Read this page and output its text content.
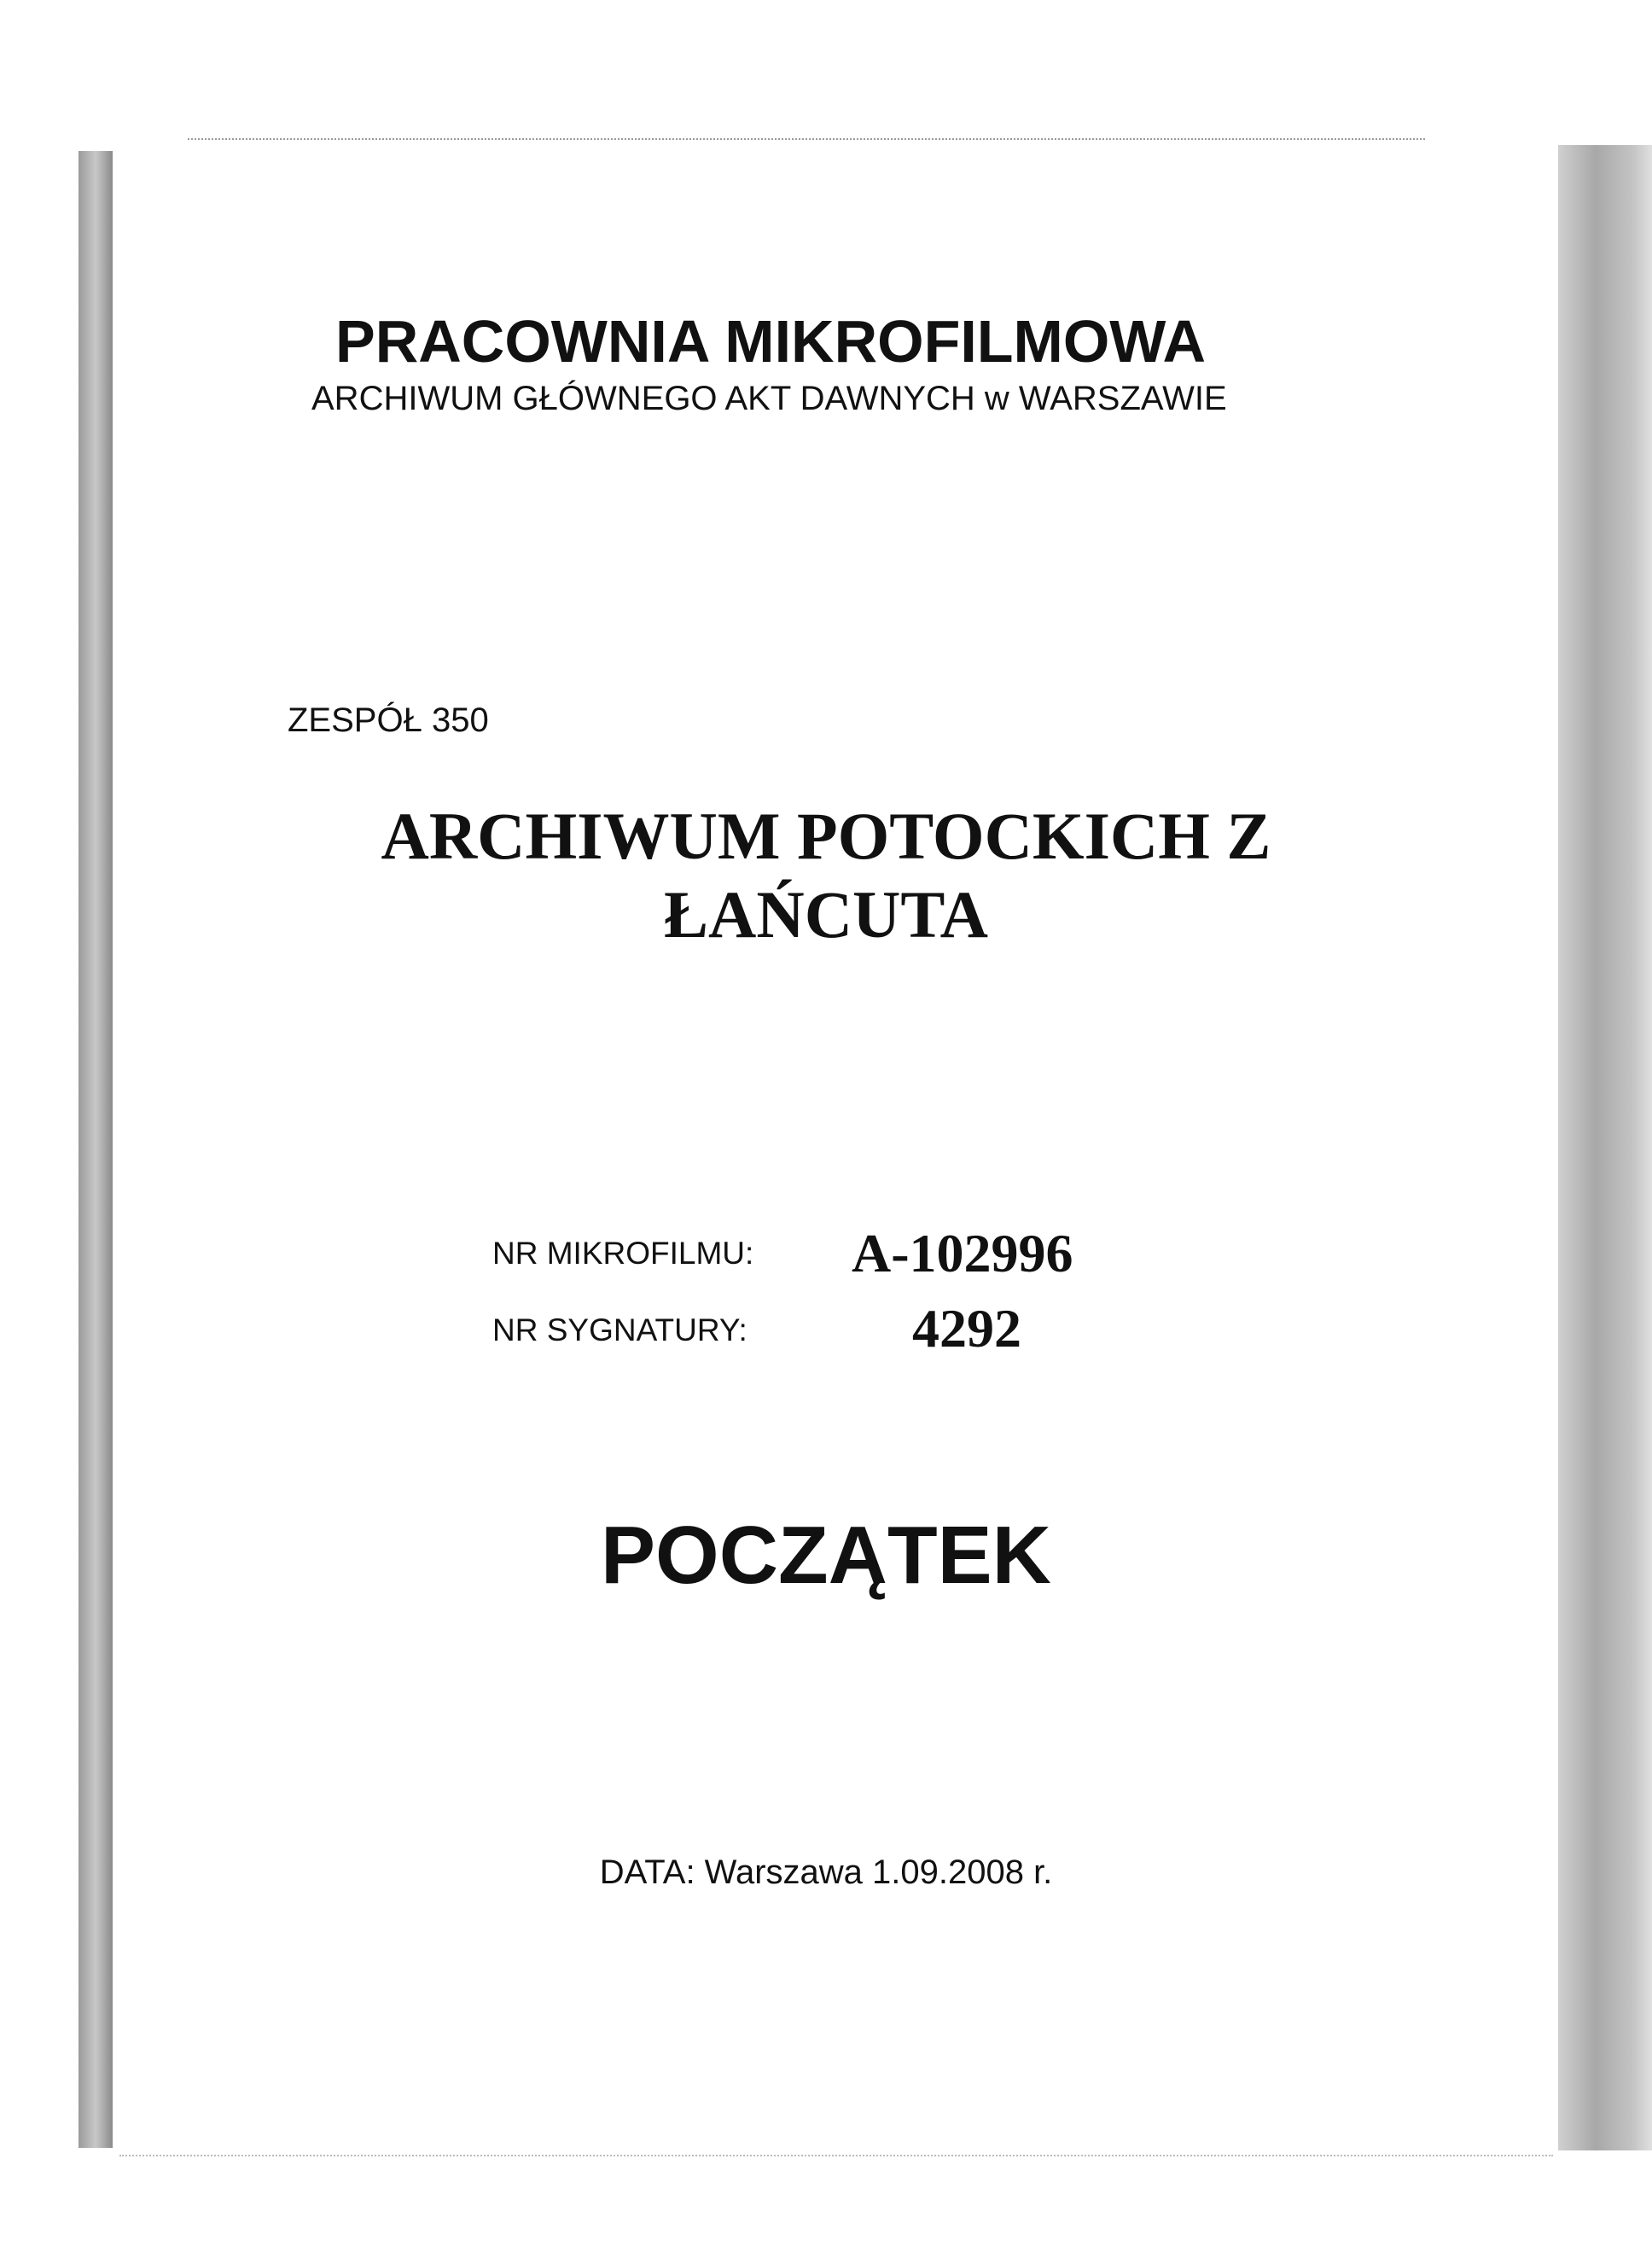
PRACOWNIA MIKROFILMOWA
ARCHIWUM GŁÓWNEGO AKT DAWNYCH w WARSZAWIE
ZESPÓŁ 350
ARCHIWUM POTOCKICH Z
ŁAŃCUTA
NR MIKROFILMU: A-102996
NR SYGNATURY:	4292
POCZĄTEK
DATA: Warszawa 1.09.2008 r.
